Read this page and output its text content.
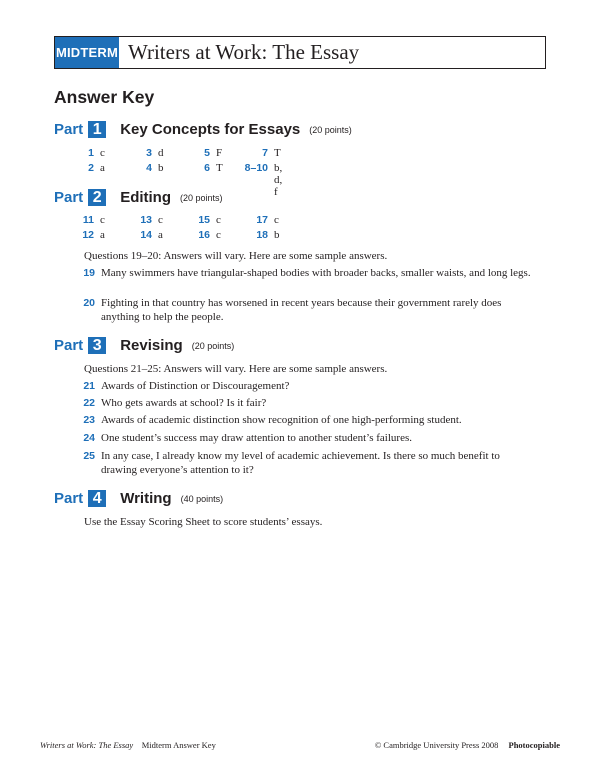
MIDTERM Writers at Work: The Essay
Answer Key
Part 1	Key Concepts for Essays (20 points)
1 c	3 d	5 F	7 T
2 a	4 b	6 T 8–10 b, d, f
Part 2	Editing (20 points)
11 c	13 c	15 c	17 c
12 a	14 a	16 c	18 b
Questions 19–20: Answers will vary. Here are some sample answers.
19 Many swimmers have triangular-shaped bodies with broader backs, smaller waists, and long legs.
20 Fighting in that country has worsened in recent years because their government rarely does anything to help the people.
Part 3	Revising (20 points)
Questions 21–25: Answers will vary. Here are some sample answers.
21 Awards of Distinction or Discouragement?
22 Who gets awards at school? Is it fair?
23 Awards of academic distinction show recognition of one high-performing student.
24 One student’s success may draw attention to another student’s failures.
25 In any case, I already know my level of academic achievement. Is there so much benefit to drawing everyone’s attention to it?
Part 4	Writing (40 points)
Use the Essay Scoring Sheet to score students’ essays.
Writers at Work: The Essay Midterm Answer Key	© Cambridge University Press 2008 Photocopiable
